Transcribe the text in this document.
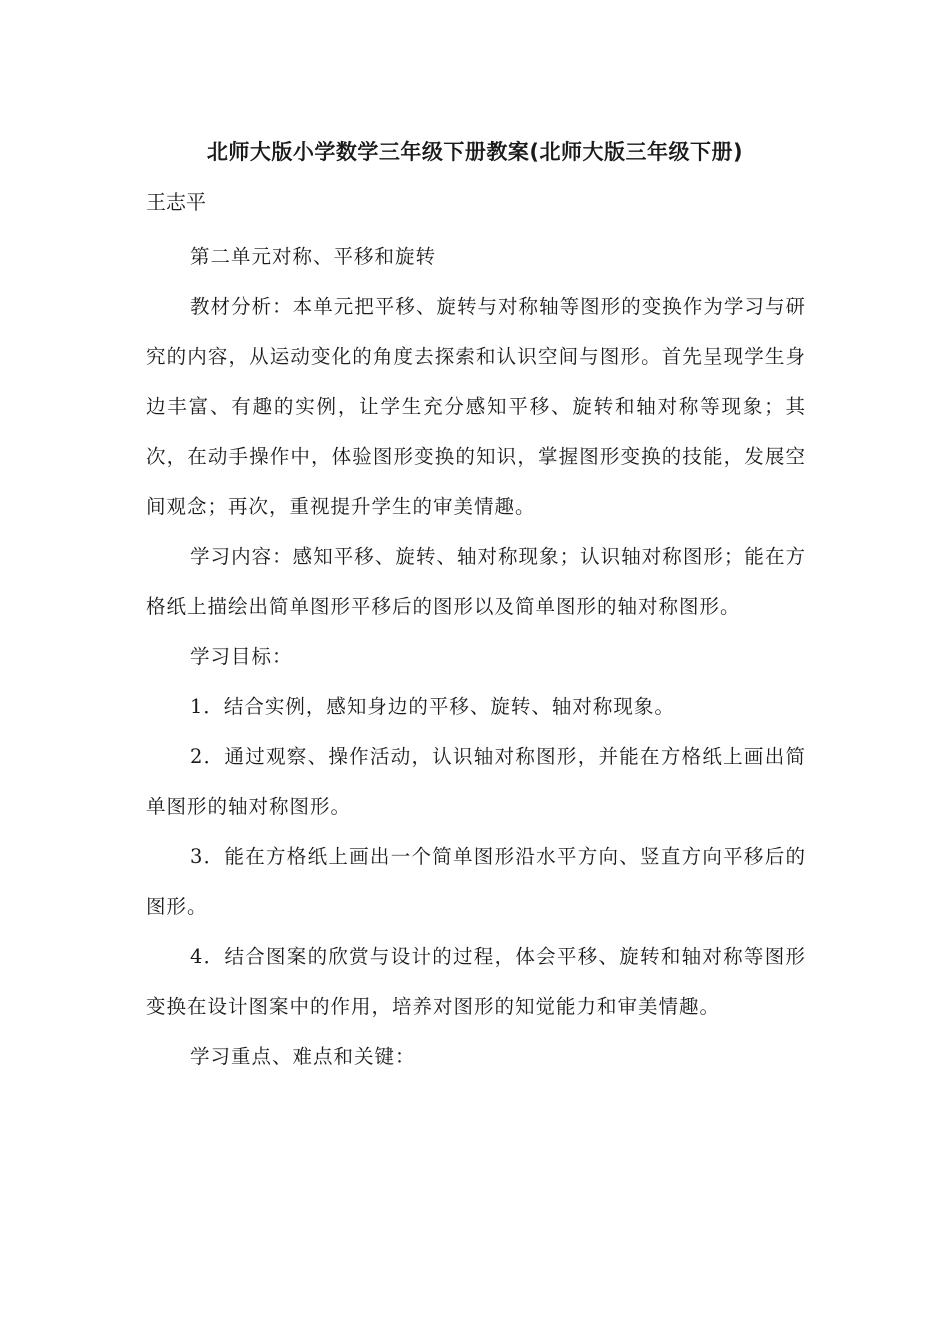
北师大版小学数学三年级下册教案(北师大版三年级下册)
王志平

第二单元对称、平移和旋转

教材分析：本单元把平移、旋转与对称轴等图形的变换作为学习与研究的内容，从运动变化的角度去探索和认识空间与图形。首先呈现学生身边丰富、有趣的实例，让学生充分感知平移、旋转和轴对称等现象；其次，在动手操作中，体验图形变换的知识，掌握图形变换的技能，发展空间观念；再次，重视提升学生的审美情趣。

学习内容：感知平移、旋转、轴对称现象；认识轴对称图形；能在方格纸上描绘出简单图形平移后的图形以及简单图形的轴对称图形。

学习目标：

1．结合实例，感知身边的平移、旋转、轴对称现象。

2．通过观察、操作活动，认识轴对称图形，并能在方格纸上画出简单图形的轴对称图形。

3．能在方格纸上画出一个简单图形沿水平方向、竖直方向平移后的图形。

4．结合图案的欣赏与设计的过程，体会平移、旋转和轴对称等图形变换在设计图案中的作用，培养对图形的知觉能力和审美情趣。

学习重点、难点和关键：
